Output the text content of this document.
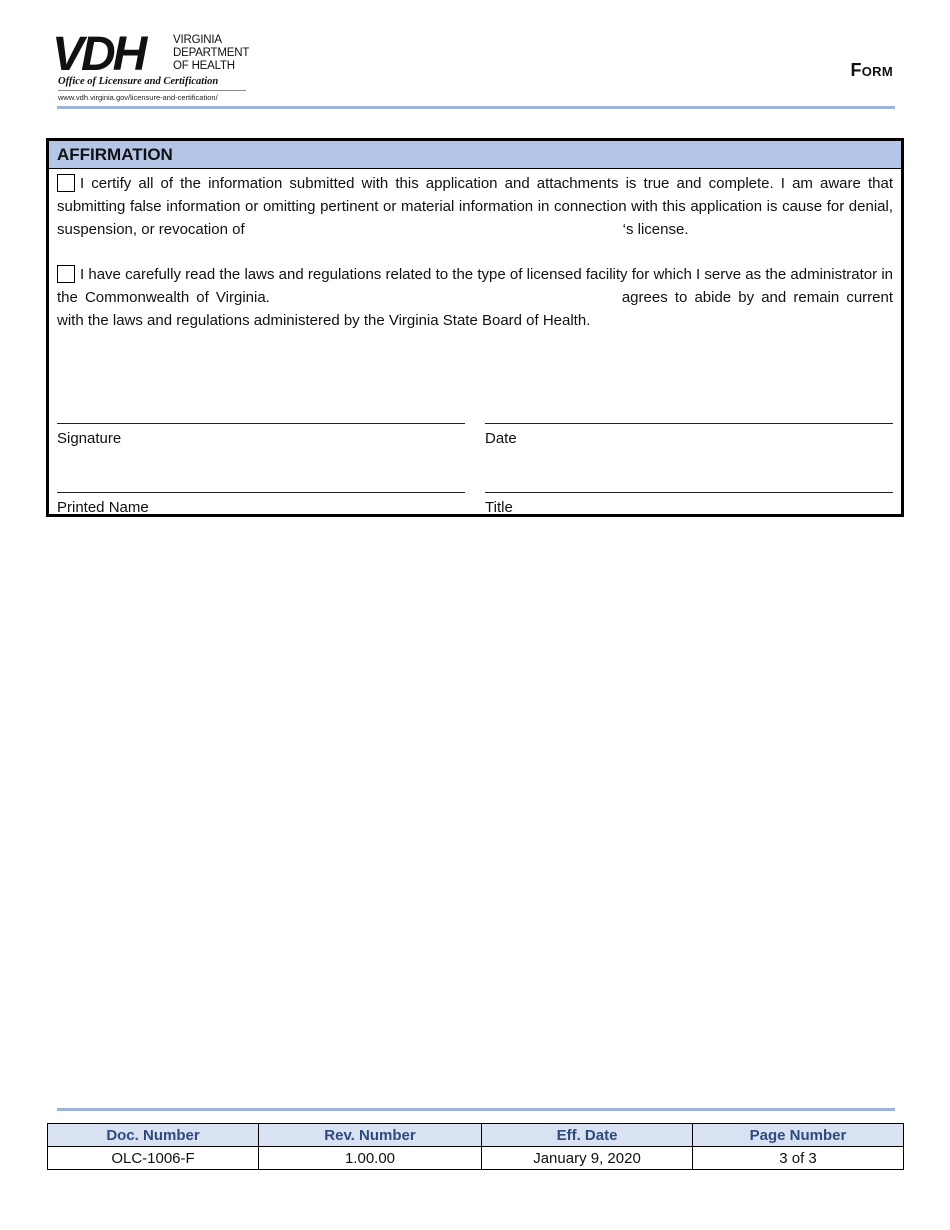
VDH VIRGINIA
DEPARTMENT
OF HEALTH
Office of Licensure and Certification
www.vdh.virginia.gov/licensure-and-certification/
Form
AFFIRMATION

I certify all of the information submitted with this application and attachments is true and complete. I am aware that submitting false information or omitting pertinent or material information in connection with this application is cause for denial, suspension, or revocation of	‘s license.

I have carefully read the laws and regulations related to the type of licensed facility for which I serve as the administrator in the Commonwealth of Virginia.	agrees to abide by and remain current with the laws and regulations administered by the Virginia State Board of Health.

Signature	Date
Printed Name	Title
Doc. Number	Rev. Number	Eff. Date	Page Number
OLC-1006-F	1.00.00	January 9, 2020	3 of 3
